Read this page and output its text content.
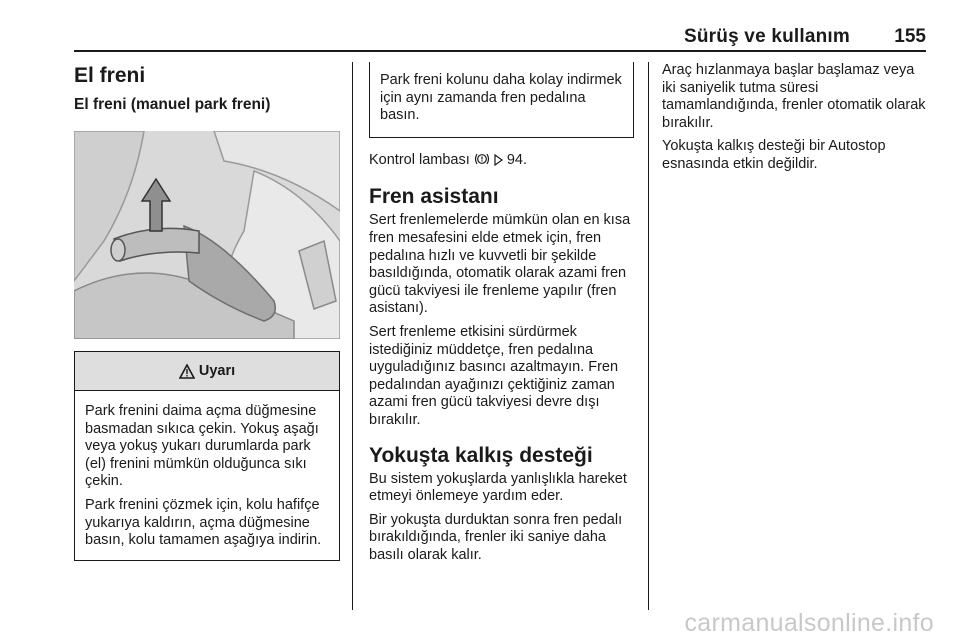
Sürüş ve kullanım 155
El freni
El freni (manuel park freni)
Uyarı

Park frenini daima açma düğmesine basmadan sıkıca çekin. Yokuş aşağı veya yokuş yukarı durumlarda park (el) frenini mümkün olduğunca sıkı çekin.

Park frenini çözmek için, kolu hafifçe yukarıya kaldırın, açma düğmesine basın, kolu tamamen aşağıya indirin.

Park freni kolunu daha kolay indirmek için aynı zamanda fren pedalına basın.

Kontrol lambası	94.

Fren asistanı

Sert frenlemelerde mümkün olan en kısa fren mesafesini elde etmek için, fren pedalına hızlı ve kuvvetli bir şekilde basıldığında, otomatik olarak azami fren gücü takviyesi ile frenleme yapılır (fren asistanı).

Sert frenleme etkisini sürdürmek istediğiniz müddetçe, fren pedalına uyguladığınız basıncı azaltmayın. Fren pedalından ayağınızı çektiğiniz zaman azami fren gücü takviyesi devre dışı bırakılır.

Yokuşta kalkış desteği

Bu sistem yokuşlarda yanlışlıkla hareket etmeyi önlemeye yardım eder.

Bir yokuşta durduktan sonra fren pedalı bırakıldığında, frenler iki saniye daha basılı olarak kalır.

Araç hızlanmaya başlar başlamaz veya iki saniyelik tutma süresi tamamlandığında, frenler otomatik olarak bırakılır.

Yokuşta kalkış desteği bir Autostop esnasında etkin değildir.

carmanualsonline.info
